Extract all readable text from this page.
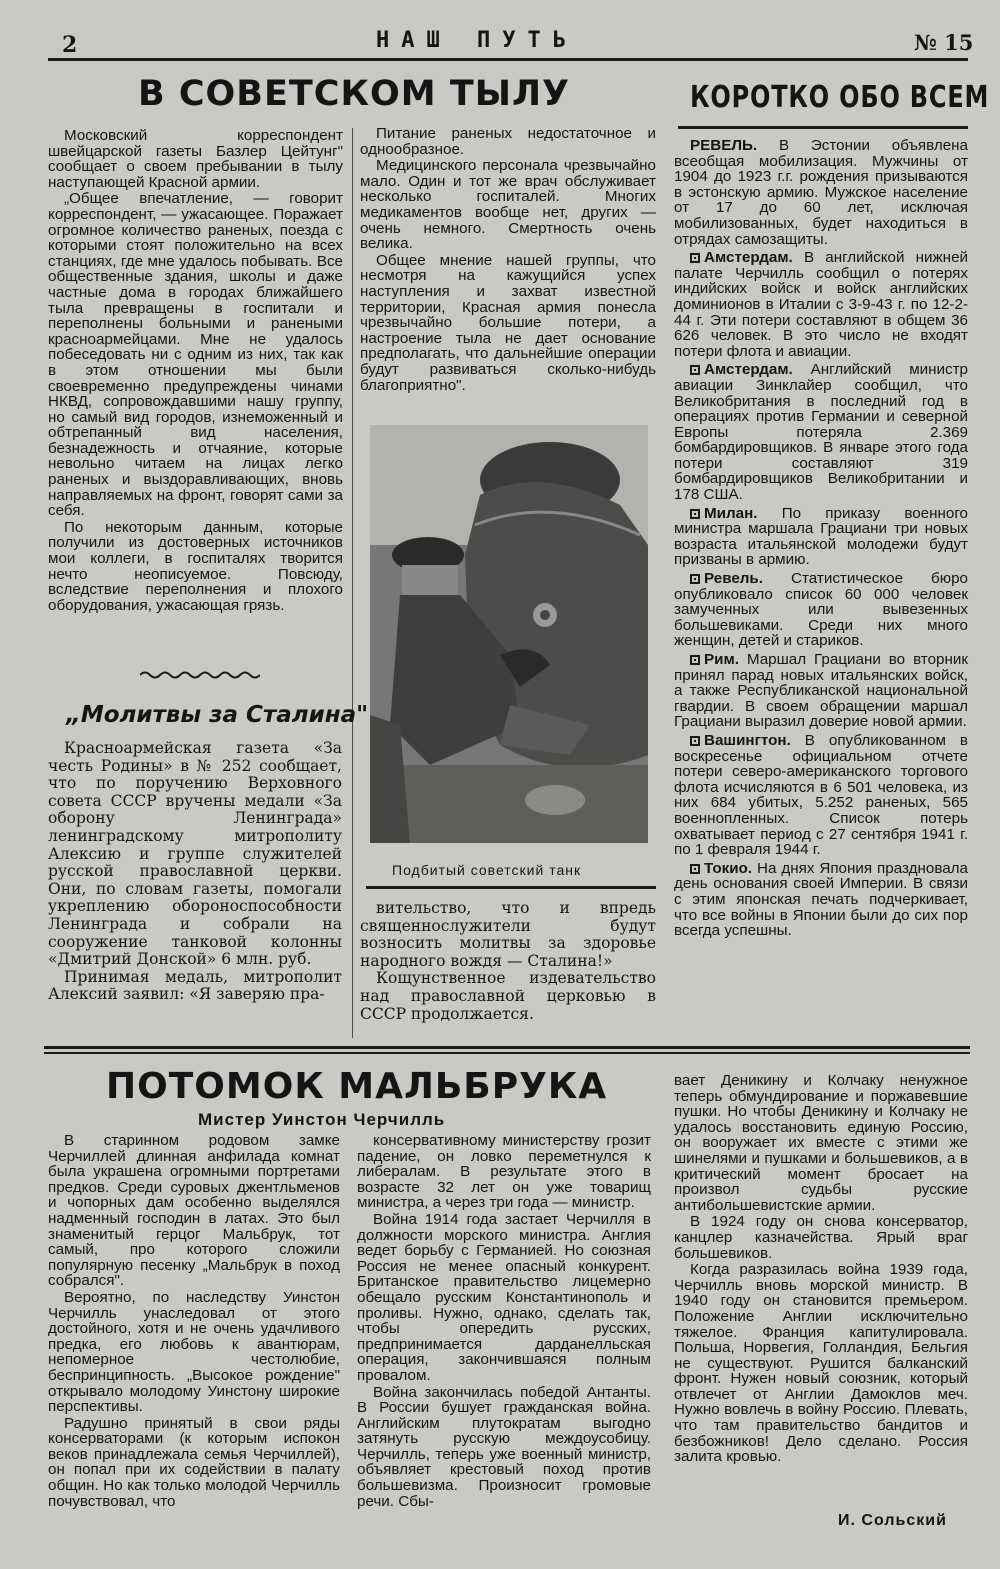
2	НАШ ПУТЬ	№ 15
В СОВЕТСКОМ ТЫЛУ

Московский корреспондент швейцарской газеты Базлер Цейтунг" сообщает о своем пребывании в тылу наступающей Красной армии.

„Общее впечатление, — говорит корреспондент, — ужасающее. Поражает огромное количество раненых, поезда с которыми стоят положительно на всех станциях, где мне удалось побывать. Все общественные здания, школы и даже частные дома в городах ближайшего тыла превращены в госпитали и переполнены больными и ранеными красноармейцами. Мне не удалось побеседовать ни с одним из них, так как в этом отношении мы были своевременно предупреждены чинами НКВД, сопровождавшими нашу группу, но самый вид городов, изнеможенный и обтрепанный вид населения, безнадежность и отчаяние, которые невольно читаем на лицах легко раненых и выздоравливающих, вновь направляемых на фронт, говорят сами за себя.

По некоторым данным, которые получили из достоверных источников мои коллеги, в госпиталях творится нечто неописуемое. Повсюду, вследствие переполнения и плохого оборудования, ужасающая грязь.

Питание раненых недостаточное и однообразное.

Медицинского персонала чрезвычайно мало. Один и тот же врач обслуживает несколько госпиталей. Многих медикаментов вообще нет, других — очень немного. Смертность очень велика.

Общее мнение нашей группы, что несмотря на кажущийся успех наступления и захват известной территории, Красная армия понесла чрезвычайно большие потери, а настроение тыла не дает основание предполагать, что дальнейшие операции будут развиваться сколько-нибудь благоприятно".

„Молитвы за Сталина"

Красноармейская газета «За честь Родины» в № 252 сообщает, что по поручению Верховного совета СССР вручены медали «За оборону Ленинграда» ленинградскому митрополиту Алексию и группе служителей русской православной церкви. Они, по словам газеты, помогали укреплению обороноспособности Ленинграда и собрали на сооружение танковой колонны «Дмитрий Донской» 6 млн. руб.

Принимая медаль, митрополит Алексий заявил: «Я заверяю пра-

Подбитый советский танк

вительство, что и впредь священнослужители будут возносить молитвы за здоровье народного вождя — Сталина!»

Кощунственное издевательство над православной церковью в СССР продолжается.

КОРОТКО ОБО ВСЕМ

РЕВЕЛЬ. В Эстонии объявлена всеобщая мобилизация. Мужчины от 1904 до 1923 г.г. рождения призываются в эстонскую армию. Мужское население от 17 до 60 лет, исключая мобилизованных, будет находиться в отрядах самозащиты.

Амстердам. В английской нижней палате Черчилль сообщил о потерях индийских войск и войск английских доминионов в Италии с 3-9-43 г. по 12-2-44 г. Эти потери составляют в общем 36 626 человек. В это число не входят потери флота и авиации.

Амстердам. Английский министр авиации Зинклайер сообщил, что Великобритания в последний год в операциях против Германии и северной Европы потеряла 2.369 бомбардировщиков. В январе этого года потери составляют 319 бомбардировщиков Великобритании и 178 США.

Милан. По приказу военного министра маршала Грациани три новых возраста итальянской молодежи будут призваны в армию.

Ревель. Статистическое бюро опубликовало список 60 000 человек замученных или вывезенных большевиками. Среди них много женщин, детей и стариков.

Рим. Маршал Грациани во вторник принял парад новых итальянских войск, а также Республиканской национальной гвардии. В своем обращении маршал Грациани выразил доверие новой армии.

Вашингтон. В опубликованном в воскресенье официальном отчете потери северо-американского торгового флота исчисляются в 6 501 человека, из них 684 убитых, 5.252 раненых, 565 военнопленных. Список потерь охватывает период с 27 сентября 1941 г. по 1 февраля 1944 г.

Токио. На днях Япония праздновала день основания своей Империи. В связи с этим японская печать подчеркивает, что все войны в Японии были до сих пор всегда успешны.

ПОТОМОК МАЛЬБРУКА
Мистер Уинстон Черчилль

В старинном родовом замке Черчиллей длинная анфилада комнат была украшена огромными портретами предков. Среди суровых джентльменов и чопорных дам особенно выделялся надменный господин в латах. Это был знаменитый герцог Мальбрук, тот самый, про которого сложили популярную песенку „Мальбрук в поход собрался".

Вероятно, по наследству Уинстон Черчилль унаследовал от этого достойного, хотя и не очень удачливого предка, его любовь к авантюрам, непомерное честолюбие, беспринципность. „Высокое рождение" открывало молодому Уинстону широкие перспективы.

Радушно принятый в свои ряды консерваторами (к которым испокон веков принадлежала семья Черчиллей), он попал при их содействии в палату общин. Но как только молодой Черчилль почувствовал, что

консервативному министерству грозит падение, он ловко переметнулся к либералам. В результате этого в возрасте 32 лет он уже товарищ министра, а через три года — министр.

Война 1914 года застает Черчилля в должности морского министра. Англия ведет борьбу с Германией. Но союзная Россия не менее опасный конкурент. Британское правительство лицемерно обещало русским Константинополь и проливы. Нужно, однако, сделать так, чтобы опередить русских, предпринимается дарданелльская операция, закончившаяся полным провалом.

Война закончилась победой Антанты. В России бушует гражданская война. Английским плутократам выгодно затянуть русскую междоусобицу. Черчилль, теперь уже военный министр, объявляет крестовый поход против большевизма. Произносит громовые речи. Сбы-

вает Деникину и Колчаку ненужное теперь обмундирование и поржавевшие пушки. Но чтобы Деникину и Колчаку не удалось восстановить единую Россию, он вооружает их вместе с этими же шинелями и пушками и большевиков, а в критический момент бросает на произвол судьбы русские антибольшевистские армии.

В 1924 году он снова консерватор, канцлер казначейства. Ярый враг большевиков.

Когда разразилась война 1939 года, Черчилль вновь морской министр. В 1940 году он становится премьером. Положение Англии исключительно тяжелое. Франция капитулировала. Польша, Норвегия, Голландия, Бельгия не существуют. Рушится балканский фронт. Нужен новый союзник, который отвлечет от Англии Дамоклов меч. Нужно вовлечь в войну Россию. Плевать, что там правительство бандитов и безбожников! Дело сделано. Россия залита кровью.

И. Сольский
